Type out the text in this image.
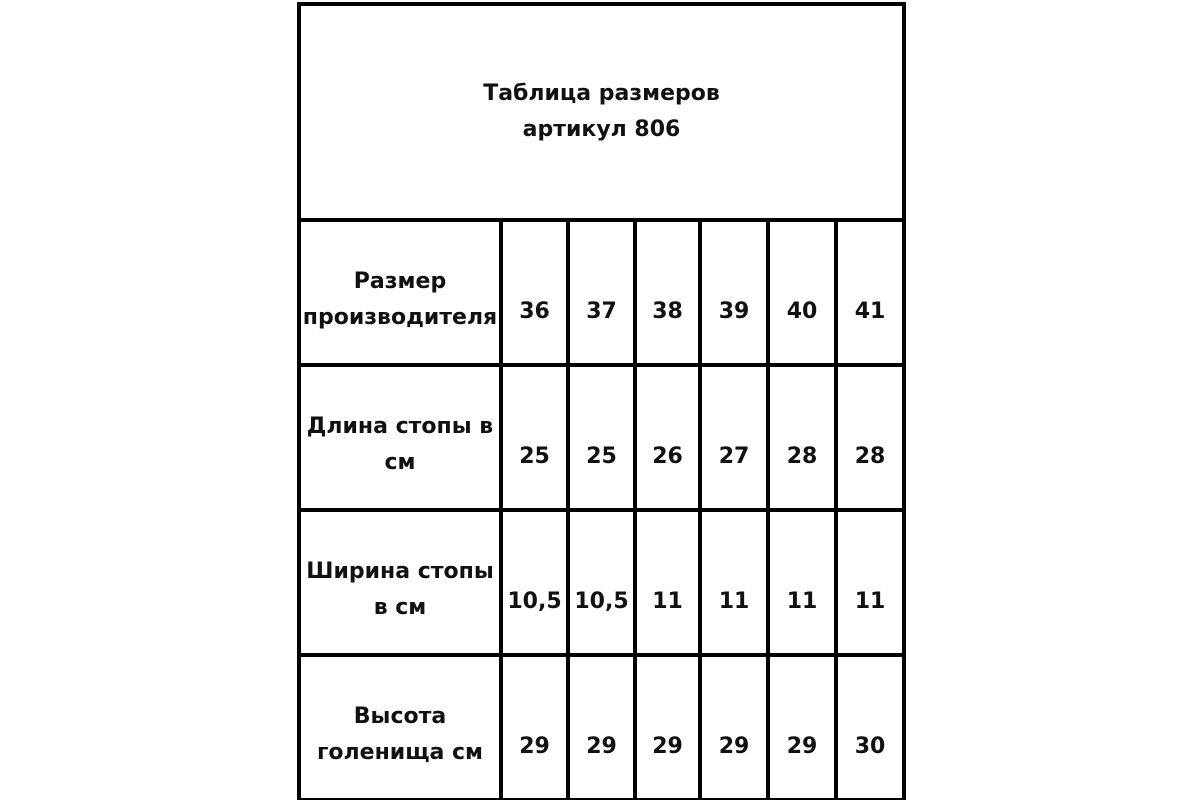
Таблица размеров
артикул 806						

Размер
производителя	36	37	38	39	40	41

Длина стопы в
см	25	25	26	27	28	28

Ширина стопы
в см	10,5	10,5	11	11	11	11

Высота
голенища см	29	29	29	29	29	30
